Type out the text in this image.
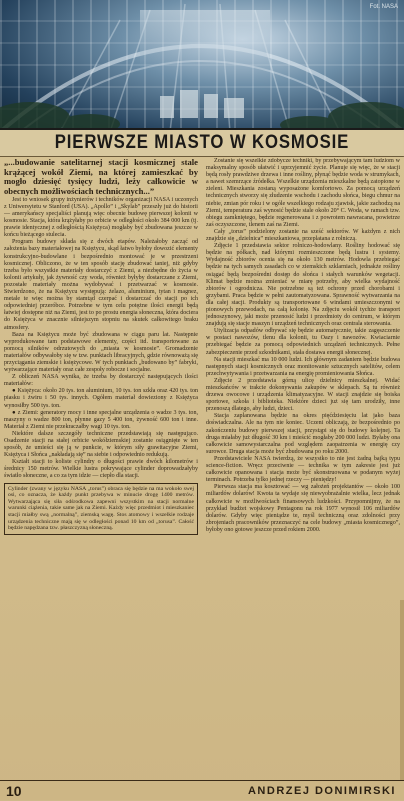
Fot. NASA
PIERWSZE MIASTO W KOSMOSIE

„...budowanie satelitarnej stacji kosmicznej stale krążącej wokół Ziemi, na której zamieszkać by mogło dziesięć tysięcy ludzi, leży całkowicie w obecnych możliwościach technicznych...”

Jest to wniosek grupy inżynierów i techników organizacji NASA i uczonych z Uniwersytetu w Stanford (USA). „Apollo” i „Skylab” przeszły już do historii — amerykańscy specjaliści planują więc obecnie budowę pierwszej kolonii w kosmosie. Stacja, która krążyłaby po orbicie w odległości około 384 000 km (tj. prawie identycznej z odległością Księżyca) mogłaby być zbudowana jeszcze w końcu bieżącego stulecia.

Program budowy składa się z dwóch etapów. Należałoby zacząć od założenia bazy materiałowej na Księżycu, skąd łatwo byłoby dowozić elementy konstrukcyjno-budowlane i bezpośrednio montować je w przestrzeni kosmicznej. Obliczono, że w ten sposób stację zbudować taniej, niż gdyby trzeba było wszystkie materiały dostarczyć z Ziemi, a niezbędne do życia w kolonii artykuły, jak żywność czy woda, również byłyby dostarczane z Ziemi, pozostałe materiały można wydobywać i przetwarzać w kosmosie. Stwierdzono, że na Księżycu występują: żelazo, aluminium, tytan i magnez, metale te więc można by stamtąd czerpać i dostarczać do stacji po ich odpowiedniej przeróbce. Potrzebne w tym celu potężne ilości energii będą łatwiej dostępne niż na Ziemi, jest to po prostu energia słoneczna, która dociera do Księżyca w znacznie silniejszym stopniu na skutek całkowitego braku atmosfery.

Baza na Księżycu może być zbudowana w ciągu paru lat. Następnie wyprodukowane tam podstawowe elementy, części itd. transportowane za pomocą silników odrzutowych do „miasta w kosmosie”. Gromadzenie materiałów odbywałoby się w tzw. punktach libracyjnych, gdzie równoważą się przyciągania ziemskie i księżycowe. W tych punktach „budowano by” fabryki, wytwarzające materiały oraz całe zespoły robocze i socjalne.

Z obliczeń NASA wynika, że trzeba by dostarczyć następujących ilości materiałów:

● Księżyca: około 20 tys. ton aluminium, 10 tys. ton szkła oraz 420 tys. ton piasku i żwiru i 50 tys. innych. Ogółem materiał dowieziony z Księżyca wynosiłby 500 tys. ton.

● z Ziemi: generatory mocy i inne specjalne urządzenia o wadze 3 tys. ton, maszyny o wadze 800 ton, płynne gazy 5 400 ton, żywność 600 ton i inne. Materiał z Ziemi nie przekraczałby wagi 10 tys. ton.

Niektóre dalsze szczegóły techniczne przedstawiają się następująco. Osadzenie stacji na stałej orbicie wokółziemskiej zostanie osiągnięte w ten sposób, że umieści się ją w punkcie, w którym siły grawitacyjne Ziemi, Księżyca i Słońca „nakładają się” na siebie i odpowiednio redukują.

Kształt stacji to koliste cylindry o długości prawie dwóch kilometrów i średnicy 150 metrów. Wielkie lustra pokrywające cylinder doprowadzałyby światło słoneczne, a co za tym idzie — ciepło dla stacji.

Cylinder (zwany w języku NASA „torus”) obraca się będzie na ma wokoło swej osi, co oznacza, że każdy punkt przebywa w minucie drogę 1400 metrów. Wytwarzająca się siła odśrodkowa zapewni wszystkim na stacji normalne warunki ciążenia, takie same jak na Ziemi. Każdy więc przedmiot i mieszkaniec stacji miałby swą „normalną”, ziemską wagę. Stos atomowy i wszelkie rodzaje urządzenia techniczne mają się w odległości ponad 10 km od „torusa”. Całość będzie napędzana tzw. płaszczyzną słoneczną.

Zostanie się wszelkie zdobycze techniki, by przebywającym tam ludziom w maksymalny sposób ułatwić i uprzyjemnić życie. Planuje się więc, że w stacji będą rosły prawdziwe drzewa i inne rośliny, płynąć będzie woda w strumykach, a nawet szemrzące źródełka. Wszelkie urządzenia mieszkalne będą zatopione w zieleni. Mieszkania zostaną wyposażone komfortowo. Za pomocą urządzeń technicznych stworzy się złudzenie wschodu i zachodu słońca, biegu chmur na niebie, zmian pór roku i w ogóle wszelkiego rodzaju zjawisk, jakie zachodzą na Ziemi, temperatura zaś wynosić będzie stale około 20° C. Woda, w ramach tzw. obiegu zamkniętego, będzie regenerowana i z powrotem nawracana, powietrze zaś oczyszczone, tlenem zaś na Ziemi.

Cały „torus” podzielony zostanie na sześć sektorów. W każdym z nich znajdzie się „dzielnica” mieszkaniowa, przeplatana z rolniczą.

Zdjęcie 1 przedstawia sektor rolniczo-hodowlany. Rośliny hodować się będzie na półkach, nad którymi rozmieszczone będą lustra i systemy. Wydajność zbiorów ocenia się na około 130 metrów. Hodowla przebiegać będzie na tych samych zasadach co w ziemskich szklarniach, jednakże rośliny osiągać będą bezpośredni dostęp do słońca i stałych warunków wegetacji. Klimat będzie można zmieniać w miarę potrzeby, aby wielka wydajność zbiorów i ogrodnicza. Nie potrzebne są też ochrony przed chorobami i grzybami. Praca będzie w pełni zautomatyzowana. Sprawność wytwarzania na dla całej stacji. Produkty są transportowane 6 windami umieszczonymi w pionowych przewodach, na całą kolonię. Na zdjęciu wokół tychże transport jednoszynowy, jaki może przenosić ludzi i przedmioty do centrum, w którym znajdują się stacje maszyn i urządzeń technicznych oraz centrala sterowania.

Utylizacja odpadów odbywać się będzie automatycznie, takie zagęszczenie w postaci nawozów, tlenu dla kolonii, tu Oazy i nawozów. Kwiaciarnie przebiegać będzie za pomocą odpowiednich urządzeń technicznych. Pełne zabezpieczenie przed szkodnikami, stała dostawa energii słonecznej.

Na stacji mieszkać ma 10 000 ludzi. Ich głównym zadaniem będzie budowa następnych stacji kosmicznych oraz monitowanie sztucznych satelitów, celem przechwytywania i przetwarzania na energię promieniowania Słońca.

Zdjęcie 2 przedstawia górną ulicę dzielnicy mieszkalnej. Widać mieszkańców w trakcie dokonywania zakupów w sklepach. Są tu również drzewa owocowe i urządzenia klimatyzacyjne. W stacji znajdzie się boiska sportowe, szkoła i biblioteka. Niektóre dzieci już się tam urodziły, inne przenoszą dlatego, aby ludzi, dzieci.

Stacja zaplanowana będzie na okres pięćdziesięciu lat jako baza doświadczalna. Ale na tym nie koniec. Uczeni obliczają, że bezpośrednio po zakończeniu budowy pierwszej stacji, przystąpi się do budowy kolejnej. Ta druga miałaby już długość 30 km i mieścić mogłaby 200 000 ludzi. Byłaby ona całkowicie samowystarczalna pod względem zaopatrzenia w energię czy surowce. Druga stacja może być zbudowana po roku 2000.

Przedstawiciele NASA twierdzą, że wszystko to nie jest żadną bajką typu science-fiction. Wręcz przeciwnie — technika w tym zakresie jest już całkowicie opanowana i stacja może być skonstruowana w podanym wyżej terminach. Potrzeba tylko jednej rzeczy — pieniędzy!

Pierwsza stacja ma kosztować — wg założeń projektantów — około 100 miliardów dolarów! Kwota ta wydaje się niewyobrażalnie wielka, lecz jednak całkowicie w możliwościach finansowych ludzkości. Przypomnijmy, że na przykład budżet wojskowy Pentagonu na rok 1977 wynosił 106 miliardów dolarów. Gdyby więc pieniądze te, myśl techniczną oraz zdolności przy zbrojeniach pracowników przeznaczyć na cele budowy „miasta kosmicznego”, byłoby ono gotowe jeszcze przed rokiem 2000.

10	ANDRZEJ DONIMIRSKI
